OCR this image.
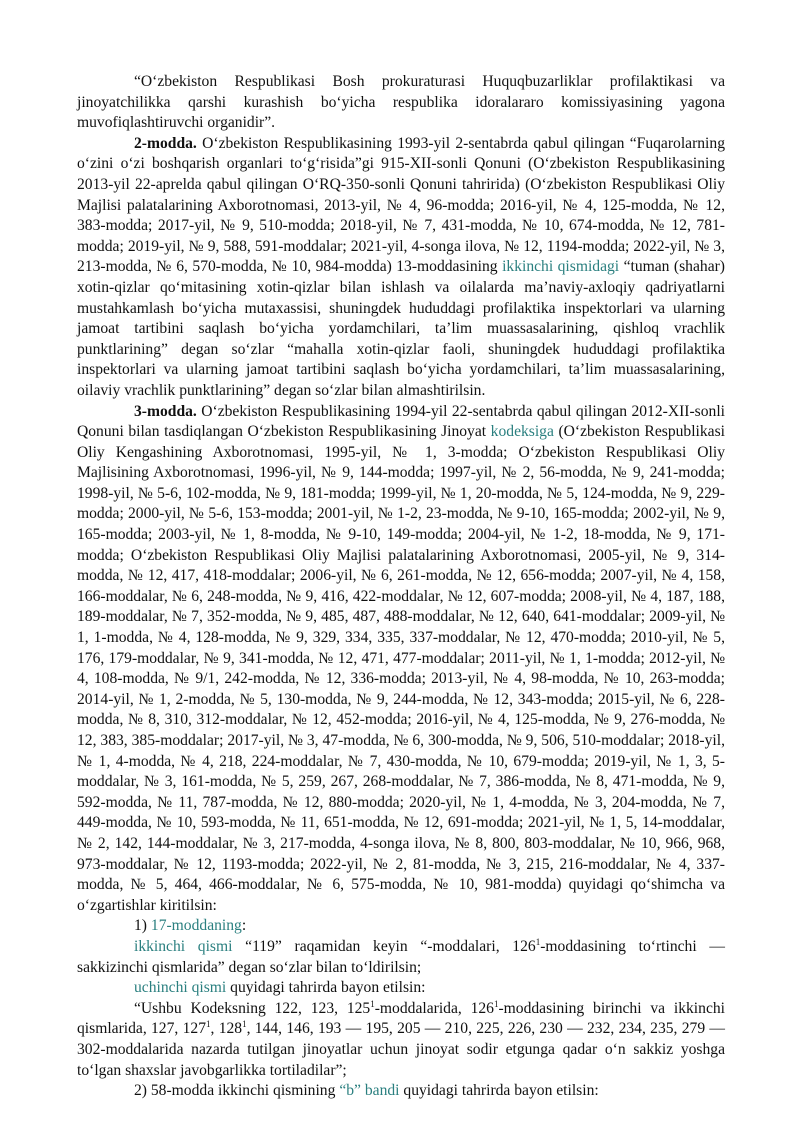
“O‘zbekiston Respublikasi Bosh prokuraturasi Huquqbuzarliklar profilaktikasi va jinoyatchilikka qarshi kurashish bo‘yicha respublika idoralararo komissiyasining yagona muvofiqlashtiruvchi organidir”.

2-modda. O‘zbekiston Respublikasining 1993-yil 2-sentabrda qabul qilingan “Fuqarolarning o‘zini o‘zi boshqarish organlari to‘g‘risida”gi 915-XII-sonli Qonuni (O‘zbekiston Respublikasining 2013-yil 22-aprelda qabul qilingan O‘RQ-350-sonli Qonuni tahririda) (O‘zbekiston Respublikasi Oliy Majlisi palatalarining Axborotnomasi, 2013-yil, № 4, 96-modda; 2016-yil, № 4, 125-modda, № 12, 383-modda; 2017-yil, № 9, 510-modda; 2018-yil, № 7, 431-modda, № 10, 674-modda, № 12, 781-modda; 2019-yil, № 9, 588, 591-moddalar; 2021-yil, 4-songa ilova, № 12, 1194-modda; 2022-yil, № 3, 213-modda, № 6, 570-modda, № 10, 984-modda) 13-moddasining ikkinchi qismidagi “tuman (shahar) xotin-qizlar qo‘mitasining xotin-qizlar bilan ishlash va oilalarda ma’naviy-axloqiy qadriyatlarni mustahkamlash bo‘yicha mutaxassisi, shuningdek hududdagi profilaktika inspektorlari va ularning jamoat tartibini saqlash bo‘yicha yordamchilari, ta’lim muassasalarining, qishloq vrachlik punktlarining” degan so‘zlar “mahalla xotin-qizlar faoli, shuningdek hududdagi profilaktika inspektorlari va ularning jamoat tartibini saqlash bo‘yicha yordamchilari, ta’lim muassasalarining, oilaviy vrachlik punktlarining” degan so‘zlar bilan almashtirilsin.

3-modda. O‘zbekiston Respublikasining 1994-yil 22-sentabrda qabul qilingan 2012-XII-sonli Qonuni bilan tasdiqlangan O‘zbekiston Respublikasining Jinoyat kodeksiga (O‘zbekiston Respublikasi Oliy Kengashining Axborotnomasi, 1995-yil, № 1, 3-modda; O‘zbekiston Respublikasi Oliy Majlisining Axborotnomasi, 1996-yil, № 9, 144-modda; 1997-yil, № 2, 56-modda, № 9, 241-modda; 1998-yil, № 5-6, 102-modda, № 9, 181-modda; 1999-yil, № 1, 20-modda, № 5, 124-modda, № 9, 229-modda; 2000-yil, № 5-6, 153-modda; 2001-yil, № 1-2, 23-modda, № 9-10, 165-modda; 2002-yil, № 9, 165-modda; 2003-yil, № 1, 8-modda, № 9-10, 149-modda; 2004-yil, № 1-2, 18-modda, № 9, 171-modda; O‘zbekiston Respublikasi Oliy Majlisi palatalarining Axborotnomasi, 2005-yil, № 9, 314-modda, № 12, 417, 418-moddalar; 2006-yil, № 6, 261-modda, № 12, 656-modda; 2007-yil, № 4, 158, 166-moddalar, № 6, 248-modda, № 9, 416, 422-moddalar, № 12, 607-modda; 2008-yil, № 4, 187, 188, 189-moddalar, № 7, 352-modda, № 9, 485, 487, 488-moddalar, № 12, 640, 641-moddalar; 2009-yil, № 1, 1-modda, № 4, 128-modda, № 9, 329, 334, 335, 337-moddalar, № 12, 470-modda; 2010-yil, № 5, 176, 179-moddalar, № 9, 341-modda, № 12, 471, 477-moddalar; 2011-yil, № 1, 1-modda; 2012-yil, № 4, 108-modda, № 9/1, 242-modda, № 12, 336-modda; 2013-yil, № 4, 98-modda, № 10, 263-modda; 2014-yil, № 1, 2-modda, № 5, 130-modda, № 9, 244-modda, № 12, 343-modda; 2015-yil, № 6, 228-modda, № 8, 310, 312-moddalar, № 12, 452-modda; 2016-yil, № 4, 125-modda, № 9, 276-modda, № 12, 383, 385-moddalar; 2017-yil, № 3, 47-modda, № 6, 300-modda, № 9, 506, 510-moddalar; 2018-yil, № 1, 4-modda, № 4, 218, 224-moddalar, № 7, 430-modda, № 10, 679-modda; 2019-yil, № 1, 3, 5-moddalar, № 3, 161-modda, № 5, 259, 267, 268-moddalar, № 7, 386-modda, № 8, 471-modda, № 9, 592-modda, № 11, 787-modda, № 12, 880-modda; 2020-yil, № 1, 4-modda, № 3, 204-modda, № 7, 449-modda, № 10, 593-modda, № 11, 651-modda, № 12, 691-modda; 2021-yil, № 1, 5, 14-moddalar, № 2, 142, 144-moddalar, № 3, 217-modda, 4-songa ilova, № 8, 800, 803-moddalar, № 10, 966, 968, 973-moddalar, № 12, 1193-modda; 2022-yil, № 2, 81-modda, № 3, 215, 216-moddalar, № 4, 337-modda, № 5, 464, 466-moddalar, № 6, 575-modda, № 10, 981-modda) quyidagi qo‘shimcha va o‘zgartishlar kiritilsin:

1) 17-moddaning:

ikkinchi qismi “119” raqamidan keyin “-moddalari, $126^1$-moddasining to‘rtinchi — sakkizinchi qismlarida” degan so‘zlar bilan to‘ldirilsin;

uchinchi qismi quyidagi tahrirda bayon etilsin:

“Ushbu Kodeksning 122, 123, $125^1$-moddalarida, $126^1$-moddasining birinchi va ikkinchi qismlarida, 127, $127^1$, $128^1$, 144, 146, 193 — 195, 205 — 210, 225, 226, 230 — 232, 234, 235, 279 — 302-moddalarida nazarda tutilgan jinoyatlar uchun jinoyat sodir etgunga qadar o‘n sakkiz yoshga to‘lgan shaxslar javobgarlikka tortiladilar”;

2) 58-modda ikkinchi qismining “b” bandi quyidagi tahrirda bayon etilsin:
